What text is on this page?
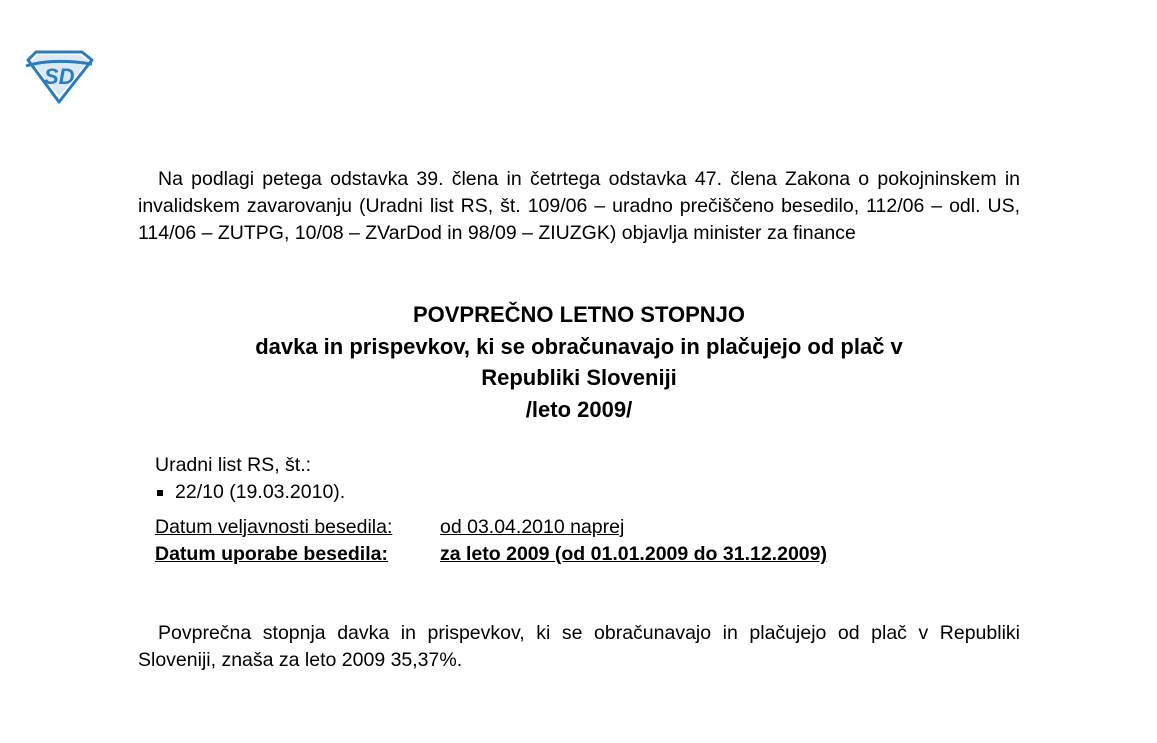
SD

Na podlagi petega odstavka 39. člena in četrtega odstavka 47. člena Zakona o pokojninskem in invalidskem zavarovanju (Uradni list RS, št. 109/06 – uradno prečiščeno besedilo, 112/06 – odl. US, 114/06 – ZUTPG, 10/08 – ZVarDod in 98/09 – ZIUZGK) objavlja minister za finance

POVPREČNO LETNO STOPNJO
davka in prispevkov, ki se obračunavajo in plačujejo od plač v
Republiki Sloveniji
/leto 2009/
Uradni list RS, št.:
22/10 (19.03.2010).
Datum veljavnosti besedila: od 03.04.2010 naprej
Datum uporabe besedila:	za leto 2009 (od 01.01.2009 do 31.12.2009)

Povprečna stopnja davka in prispevkov, ki se obračunavajo in plačujejo od plač v Republiki Sloveniji, znaša za leto 2009 35,37%.
